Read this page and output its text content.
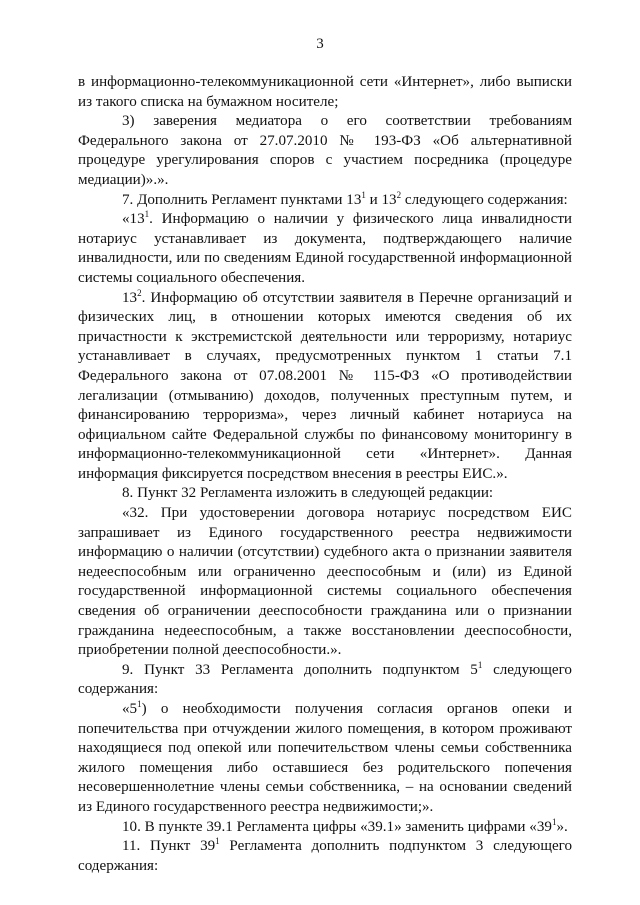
3

в информационно-телекоммуникационной сети «Интернет», либо выписки из такого списка на бумажном носителе;

3) заверения медиатора о его соответствии требованиям Федерального закона от 27.07.2010 № 193-ФЗ «Об альтернативной процедуре урегулирования споров с участием посредника (процедуре медиации)».».

7. Дополнить Регламент пунктами $13^1$ и $13^2$ следующего содержания:

«$13^1$. Информацию о наличии у физического лица инвалидности нотариус устанавливает из документа, подтверждающего наличие инвалидности, или по сведениям Единой государственной информационной системы социального обеспечения.

$13^2$. Информацию об отсутствии заявителя в Перечне организаций и физических лиц, в отношении которых имеются сведения об их причастности к экстремистской деятельности или терроризму, нотариус устанавливает в случаях, предусмотренных пунктом 1 статьи 7.1 Федерального закона от 07.08.2001 № 115-ФЗ «О противодействии легализации (отмыванию) доходов, полученных преступным путем, и финансированию терроризма», через личный кабинет нотариуса на официальном сайте Федеральной службы по финансовому мониторингу в информационно-телекоммуникационной сети «Интернет». Данная информация фиксируется посредством внесения в реестры ЕИС.».

8. Пункт 32 Регламента изложить в следующей редакции:

«32. При удостоверении договора нотариус посредством ЕИС запрашивает из Единого государственного реестра недвижимости информацию о наличии (отсутствии) судебного акта о признании заявителя недееспособным или ограниченно дееспособным и (или) из Единой государственной информационной системы социального обеспечения сведения об ограничении дееспособности гражданина или о признании гражданина недееспособным, а также восстановлении дееспособности, приобретении полной дееспособности.».

9. Пункт 33 Регламента дополнить подпунктом $5^1$ следующего содержания:

«$5^1$) о необходимости получения согласия органов опеки и попечительства при отчуждении жилого помещения, в котором проживают находящиеся под опекой или попечительством члены семьи собственника жилого помещения либо оставшиеся без родительского попечения несовершеннолетние члены семьи собственника, – на основании сведений из Единого государственного реестра недвижимости;».

10. В пункте 39.1 Регламента цифры «39.1» заменить цифрами «$39^1$».

11. Пункт $39^1$ Регламента дополнить подпунктом 3 следующего содержания:
